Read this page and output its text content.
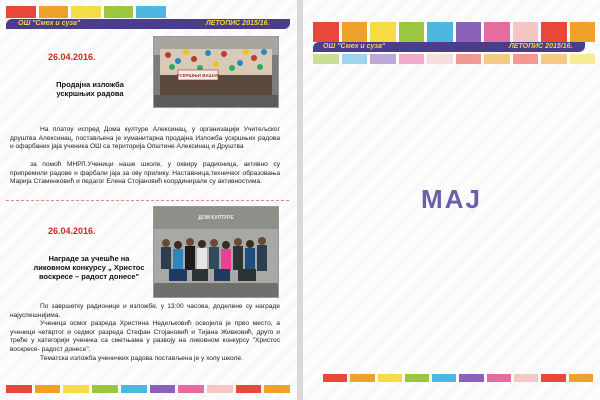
ОШ "Смех и суза"	ЛЕТОПИС 2015/16.
26.04.2016.
Продајна изложба ускршњих радова
УСКРШЊИ ВАШАР

На платоу испред Дома културе Алексинац, у организацији Учитељског друштва Алексинац, постављена је хуманитарна продајна Изложба ускршњих радова и офарбаних јаја ученика ОШ са територија Општине Алексинац и Друштва

за помоћ МНРЛ.Ученици наше школе, у оквиру радионица, активно су припремили радове и фарбали јаја за ову прилику. Наставница,техничког образовања Марија Стаменковић и педагог Елена Стојановић координирале су активностима.

26.04.2016.
Награде за учешће на ликовном конкурсу „ Христос воскресе – радост донесе"
ДОМ КУЛТУРЕ

По завршетку радионице и изложбе, у 13:00 часова, доделене су награде најуспешнијима.

Ученица осмог разреда Христина Недељковић освојила је прво место, а ученици четвртог и седмог разреда Стефан Стојановић и Тијана Живковић, друго и треће у категорији ученика са сметњама у развоју на ликовном конкурсу "Христос воскресе- радост донесе".

Тематска изложба ученичких радова постављена је у холу школе.

ОШ "Смех и суза"	ЛЕТОПИС 2015/16.
МАЈ
